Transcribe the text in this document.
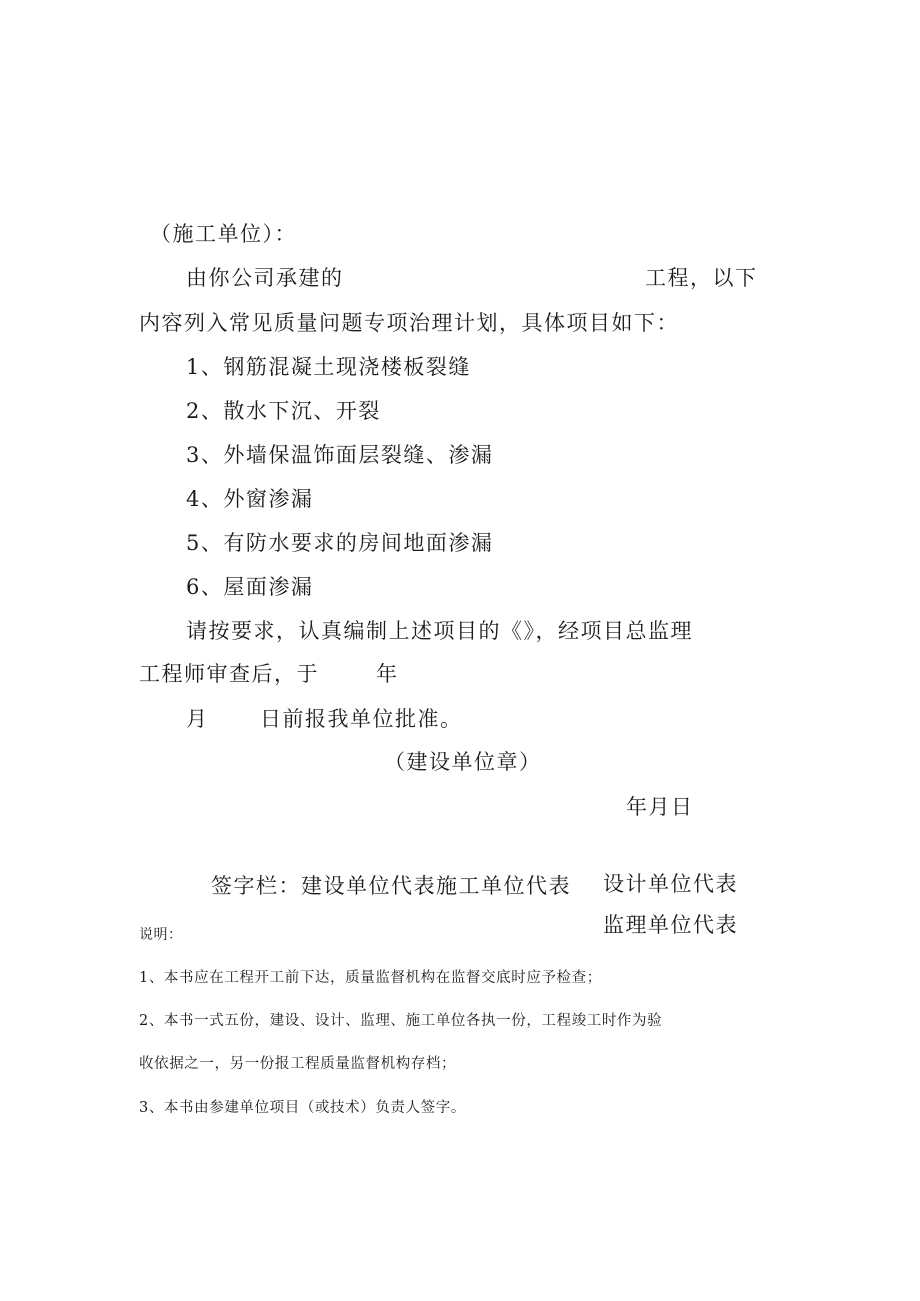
（施工单位）：
由你公司承建的	工程，以下
内容列入常见质量问题专项治理计划，具体项目如下：
1、钢筋混凝土现浇楼板裂缝
2、散水下沉、开裂
3、外墙保温饰面层裂缝、渗漏
4、外窗渗漏
5、有防水要求的房间地面渗漏
6、屋面渗漏
请按要求，认真编制上述项目的《》，经项目总监理
工程师审查后，于	年
月 日前报我单位批准。
（建设单位章）
年月日
签字栏：建设单位代表施工单位代表 设计单位代表
监理单位代表
说明：
1、本书应在工程开工前下达，质量监督机构在监督交底时应予检查；
2、本书一式五份，建设、设计、监理、施工单位各执一份，工程竣工时作为验
收依据之一，另一份报工程质量监督机构存档；
3、本书由参建单位项目（或技术）负责人签字。
